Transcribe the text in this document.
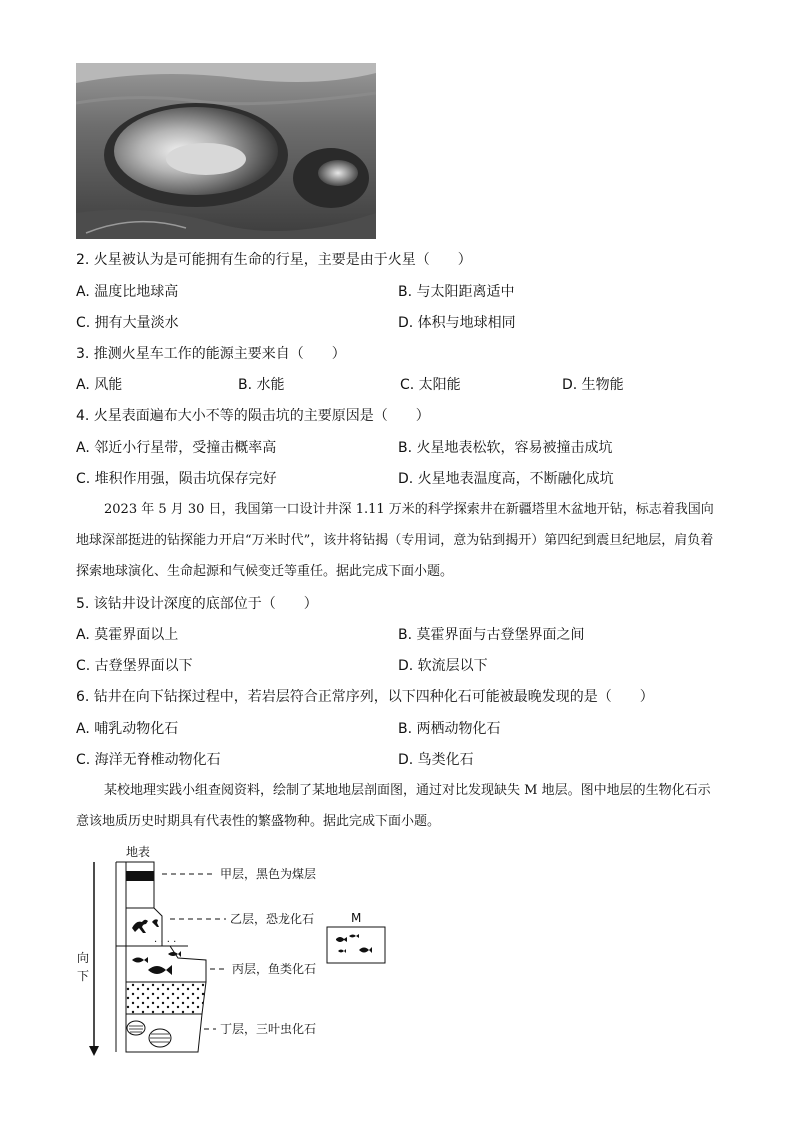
2. 火星被认为是可能拥有生命的行星，主要是由于火星（　　）
A. 温度比地球高	B. 与太阳距离适中
C. 拥有大量淡水	D. 体积与地球相同
3. 推测火星车工作的能源主要来自（　　）
A. 风能	B. 水能	C. 太阳能	D. 生物能
4. 火星表面遍布大小不等的陨击坑的主要原因是（　　）
A. 邻近小行星带，受撞击概率高	B. 火星地表松软，容易被撞击成坑
C. 堆积作用强，陨击坑保存完好	D. 火星地表温度高，不断融化成坑
2023 年 5 月 30 日，我国第一口设计井深 1.11 万米的科学探索井在新疆塔里木盆地开钻，标志着我国向地球深部挺进的钻探能力开启“万米时代”，该井将钻揭（专用词，意为钻到揭开）第四纪到震旦纪地层，肩负着探索地球演化、生命起源和气候变迁等重任。据此完成下面小题。
5. 该钻井设计深度的底部位于（　　）
A. 莫霍界面以上	B. 莫霍界面与古登堡界面之间
C. 古登堡界面以下	D. 软流层以下
6. 钻井在向下钻探过程中，若岩层符合正常序列，以下四种化石可能被最晚发现的是（　　）
A. 哺乳动物化石	B. 两栖动物化石
C. 海洋无脊椎动物化石	D. 鸟类化石
某校地理实践小组查阅资料，绘制了某地地层剖面图，通过对比发现缺失 M 地层。图中地层的生物化石示意该地质历史时期具有代表性的繁盛物种。据此完成下面小题。
地表
向
下
. . . .
甲层，黑色为煤层
乙层，恐龙化石
丙层，鱼类化石
丁层，三叶虫化石
M
